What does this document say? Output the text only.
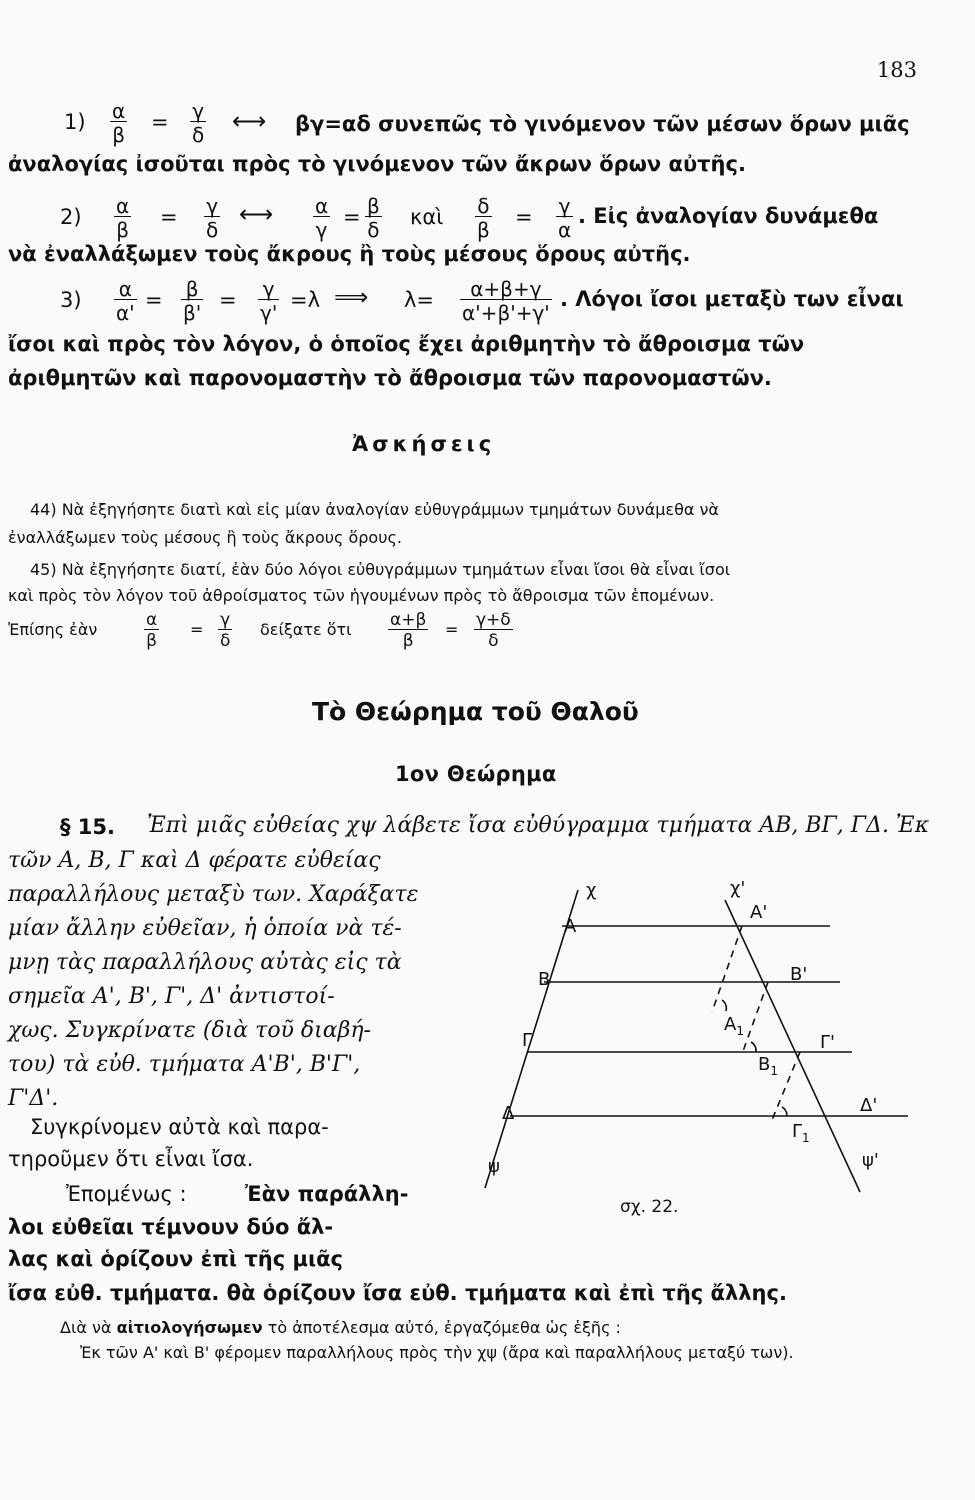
183
$1) \frac{\alpha}{\beta} = \frac{\gamma}{\delta}$ ⟷ βγ=αδ συνεπῶς τὸ γινόμενον τῶν μέσων ὅρων μιᾶς
ἀναλογίας ἰσοῦται πρὸς τὸ γινόμενον τῶν ἄκρων ὅρων αὐτῆς.
$2) \frac{\alpha}{\beta} = \frac{\gamma}{\delta}$ ⟷ $\frac{\alpha}{\gamma} = \frac{\beta}{\delta}$ καὶ $\frac{\delta}{\beta} = \frac{\gamma}{\alpha}$ . Εἰς ἀναλογίαν δυνάμεθα
νὰ ἐναλλάξωμεν τοὺς ἄκρους ἢ τοὺς μέσους ὅρους αὐτῆς.
$3) \frac{\alpha}{\alpha'} = \frac{\beta}{\beta'} = \frac{\gamma}{\gamma'} =\lambda$ ⟹ $\lambda= \frac{\alpha+\beta+\gamma}{\alpha'+\beta'+\gamma'}$ . Λόγοι ἴσοι μεταξὺ των εἶναι
ἴσοι καὶ πρὸς τὸν λόγον, ὁ ὁποῖος ἔχει ἀριθμητὴν τὸ ἄθροισμα τῶν
ἀριθμητῶν καὶ παρονομαστὴν τὸ ἄθροισμα τῶν παρονομαστῶν.
Ἀσκήσεις
44) Νὰ ἐξηγήσητε διατὶ καὶ εἰς μίαν ἀναλογίαν εὐθυγράμμων τμημάτων δυνάμεθα νὰ
ἐναλλάξωμεν τοὺς μέσους ἢ τοὺς ἄκρους ὅρους.
45) Νὰ ἐξηγήσητε διατί, ἐὰν δύο λόγοι εὐθυγράμμων τμημάτων εἶναι ἴσοι θὰ εἶναι ἴσοι
καὶ πρὸς τὸν λόγον τοῦ ἀθροίσματος τῶν ἡγουμένων πρὸς τὸ ἄθροισμα τῶν ἑπομένων.
Ἐπίσης ἐὰν	$\frac{\alpha}{\beta} = \frac{\gamma}{\delta}$ δείξατε ὅτι $\frac{\alpha+\beta}{\beta} = \frac{\gamma+\delta}{\delta}$
Τὸ Θεώρημα τοῦ Θαλοῦ
1ον Θεώρημα
§ 15. Ἐπὶ μιᾶς εὐθείας χψ λάβετε ἴσα εὐθύγραμμα τμήματα ΑΒ, ΒΓ, ΓΔ. Ἐκ
τῶν Α, Β, Γ καὶ Δ φέρατε εὐθείας
παραλλήλους μεταξὺ των. Χαράξατε
μίαν ἄλλην εὐθεῖαν, ἡ ὁποία νὰ τέ-
μνῃ τὰς παραλλήλους αὐτὰς εἰς τὰ
σημεῖα Α', Β', Γ', Δ' ἀντιστοί-
χως. Συγκρίνατε (διὰ τοῦ διαβή-
του) τὰ εὐθ. τμήματα Α'Β', Β'Γ',
Γ'Δ'.
Συγκρίνομεν αὐτὰ καὶ παρα-
τηροῦμεν ὅτι εἶναι ἴσα.
Ἐπομένως :	Ἐὰν παράλλη-
λοι εὐθεῖαι τέμνουν δύο ἄλ-
λας καὶ ὁρίζουν ἐπὶ τῆς μιᾶς
ἴσα εὐθ. τμήματα. θὰ ὁρίζουν ἴσα εὐθ. τμήματα καὶ ἐπὶ τῆς ἄλλης.
Διὰ νὰ αἰτιολογήσωμεν τὸ ἀποτέλεσμα αὐτό, ἐργαζόμεθα ὡς ἑξῆς :
Ἐκ τῶν Α' καὶ Β' φέρομεν παραλλήλους πρὸς τὴν χψ (ἄρα καὶ παραλλήλους μεταξύ των).
χ	χ'
Α
Α'
Β
$A_1$
Β'
Γ
$B_1$
Γ'
Δ	Δ'
$\Gamma_1$
ψ	ψ'
σχ. 22.
